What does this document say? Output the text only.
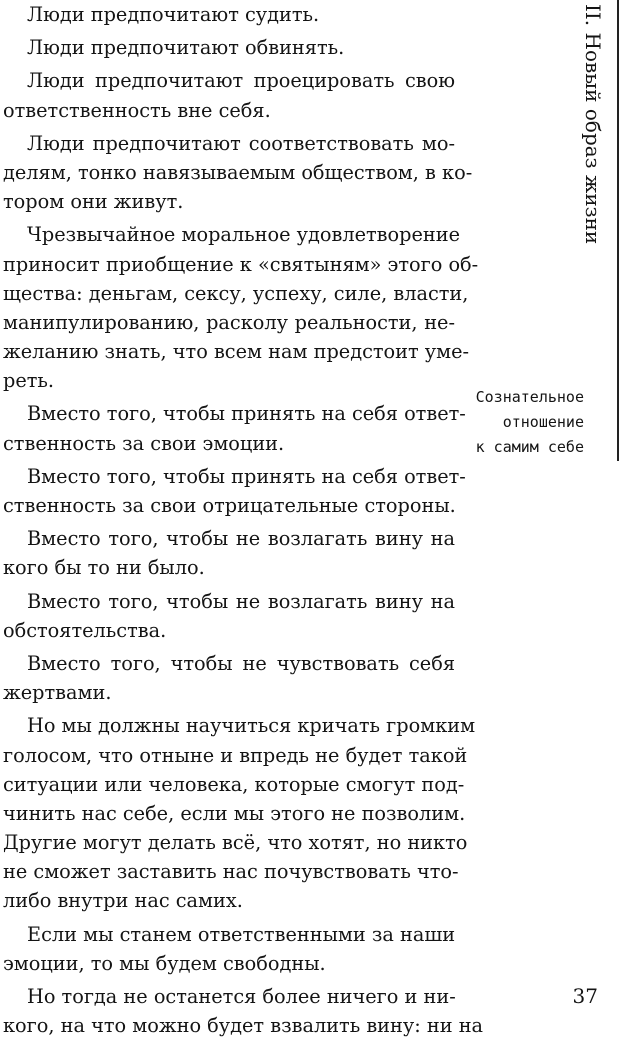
Люди предпочитают судить.
Люди предпочитают обвинять.
Люди предпочитают проецировать свою
ответственность вне себя.
Люди предпочитают соответствовать мо-
делям, тонко навязываемым обществом, в ко-
тором они живут.
Чрезвычайное моральное удовлетворение
приносит приобщение к «святыням» этого об-
щества: деньгам, сексу, успеху, силе, власти,
манипулированию, расколу реальности, не-
желанию знать, что всем нам предстоит уме-
реть.
Вместо того, чтобы принять на себя ответ-
ственность за свои эмоции.
Вместо того, чтобы принять на себя ответ-
ственность за свои отрицательные стороны.
Вместо того, чтобы не возлагать вину на
кого бы то ни было.
Вместо того, чтобы не возлагать вину на
обстоятельства.
Вместо того, чтобы не чувствовать себя
жертвами.
Но мы должны научиться кричать громким
голосом, что отныне и впредь не будет такой
ситуации или человека, которые смогут под-
чинить нас себе, если мы этого не позволим.
Другие могут делать всё, что хотят, но никто
не сможет заставить нас почувствовать что-
либо внутри нас самих.
Если мы станем ответственными за наши
эмоции, то мы будем свободны.
Но тогда не останется более ничего и ни-
кого, на что можно будет взвалить вину: ни на
Сознательное
отношение
к самим себе
II. Новый образ жизни
37
